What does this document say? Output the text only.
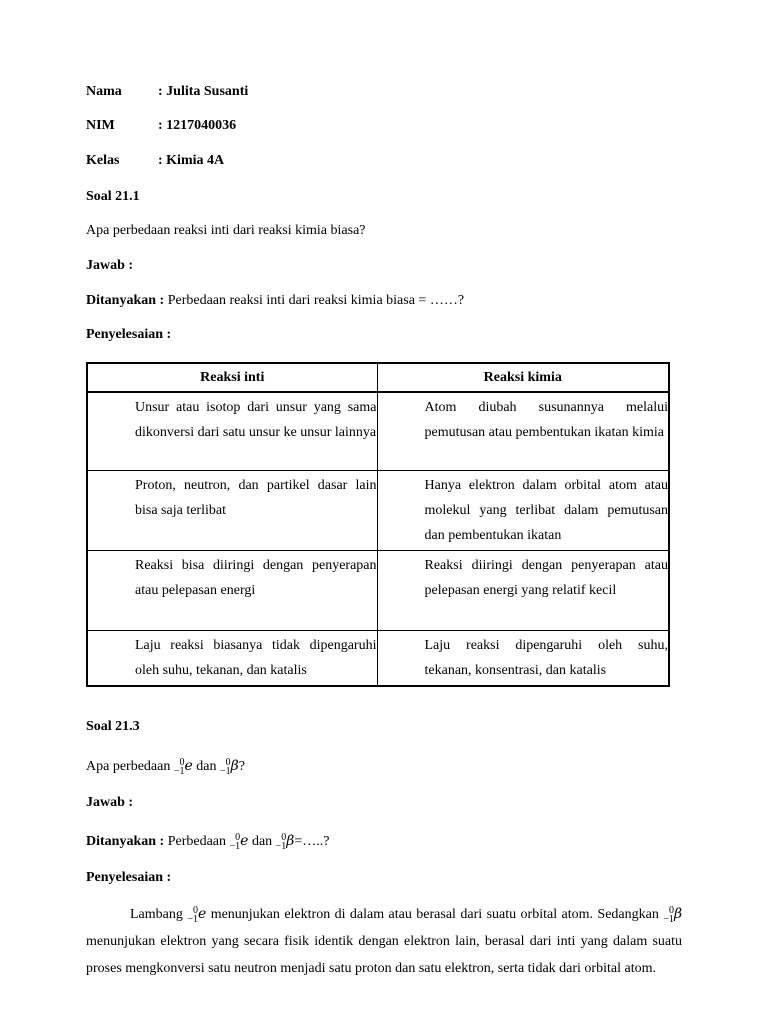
Nama	: Julita Susanti
NIM	: 1217040036
Kelas	: Kimia 4A
Soal 21.1
Apa perbedaan reaksi inti dari reaksi kimia biasa?
Jawab :
Ditanyakan : Perbedaan reaksi inti dari reaksi kimia biasa = ……?
Penyelesaian :
Reaksi inti	Reaksi kimia

Unsur atau isotop dari unsur yang sama dikonversi dari satu unsur ke unsur lainnya	Atom diubah susunannya melalui pemutusan atau pembentukan ikatan kimia

Proton, neutron, dan partikel dasar lain bisa saja terlibat	Hanya elektron dalam orbital atom atau molekul yang terlibat dalam pemutusan dan pembentukan ikatan

Reaksi bisa diiringi dengan penyerapan atau pelepasan energi	Reaksi diiringi dengan penyerapan atau pelepasan energi yang relatif kecil

Laju reaksi biasanya tidak dipengaruhi oleh suhu, tekanan, dan katalis	Laju reaksi dipengaruhi oleh suhu, tekanan, konsentrasi, dan katalis
Soal 21.3
Apa perbedaan 0
−1 e dan 0
−1 β?
Jawab :
Ditanyakan : Perbedaan 0
−1 e dan 0
−1 β=…..?
Penyelesaian :
Lambang	0
−1 e menunjukan elektron di dalam atau berasal dari suatu orbital atom. Sedangkan	0
−1 β menunjukan elektron yang secara fisik identik dengan elektron lain, berasal dari inti yang dalam suatu proses mengkonversi satu neutron menjadi satu proton dan satu elektron, serta tidak dari orbital atom.
